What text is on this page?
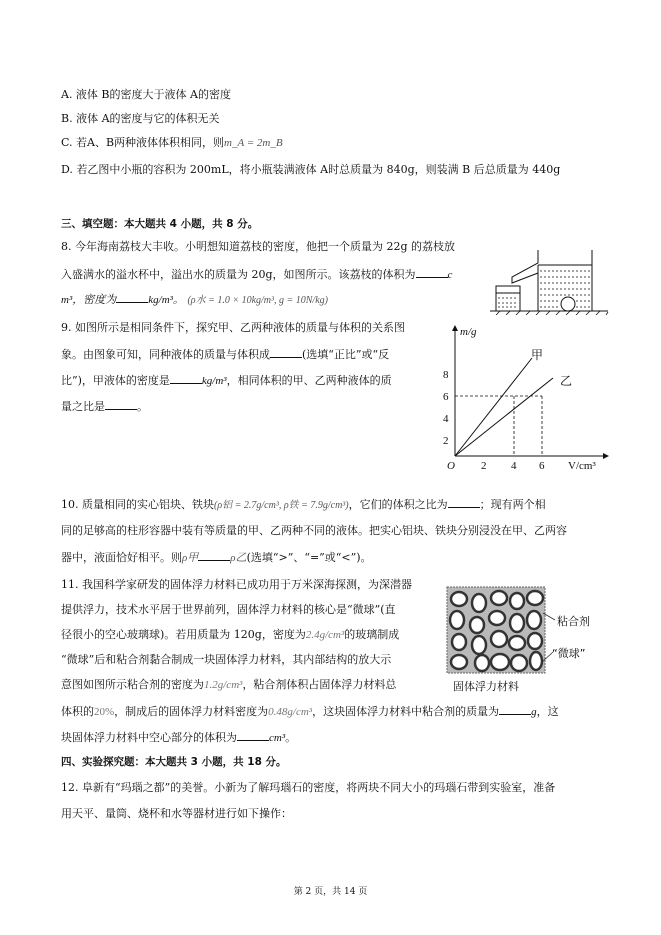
A. 液体 B的密度大于液体 A的密度
B. 液体 A的密度与它的体积无关
C. 若A、B两种液体体积相同，则m_A = 2m_B
D. 若乙图中小瓶的容积为 200mL，将小瓶装满液体 A时总质量为 840g，则装满 B 后总质量为 440g
三、填空题：本大题共 4 小题，共 8 分。
8. 今年海南荔枝大丰收。小明想知道荔枝的密度，他把一个质量为 22g 的荔枝放
入盛满水的溢水杯中，溢出水的质量为 20g，如图所示。该荔枝的体积为	c
m³，密度为	kg/m³。 (ρ水 = 1.0 × 10kg/m³, g = 10N/kg)
9. 如图所示是相同条件下，探究甲、乙两种液体的质量与体积的关系图
象。由图象可知，同种液体的质量与体积成	(选填“正比”或“反
比”)，甲液体的密度是	kg/m³，相同体积的甲、乙两种液体的质
量之比是	。
m/g
8
6
4
2
O 2 4 6 V/cm³
甲
乙
10. 质量相同的实心铝块、铁块(ρ铝 = 2.7g/cm³, ρ铁 = 7.9g/cm³)，它们的体积之比为	；现有两个相
同的足够高的柱形容器中装有等质量的甲、乙两种不同的液体。把实心铝块、铁块分别浸没在甲、乙两容
器中，液面恰好相平。则ρ甲	ρ乙(选填“>”、“=”或“<”)。
11. 我国科学家研发的固体浮力材料已成功用于万米深海探测，为深潜器
提供浮力，技术水平居于世界前列，固体浮力材料的核心是“微球”(直
径很小的空心玻璃球)。若用质量为 120g，密度为2.4g/cm³的玻璃制成
“微球”后和粘合剂黏合制成一块固体浮力材料，其内部结构的放大示
意图如图所示粘合剂的密度为1.2g/cm³，粘合剂体积占固体浮力材料总
体积的20%，制成后的固体浮力材料密度为0.48g/cm³，这块固体浮力材料中粘合剂的质量为	g，这
块固体浮力材料中空心部分的体积为	cm³。
粘合剂
“微球”
固体浮力材料
四、实验探究题：本大题共 3 小题，共 18 分。
12. 阜新有“玛瑙之都”的美誉。小新为了解玛瑙石的密度，将两块不同大小的玛瑙石带到实验室，准备
用天平、量筒、烧杯和水等器材进行如下操作：
第 2 页，共 14 页
